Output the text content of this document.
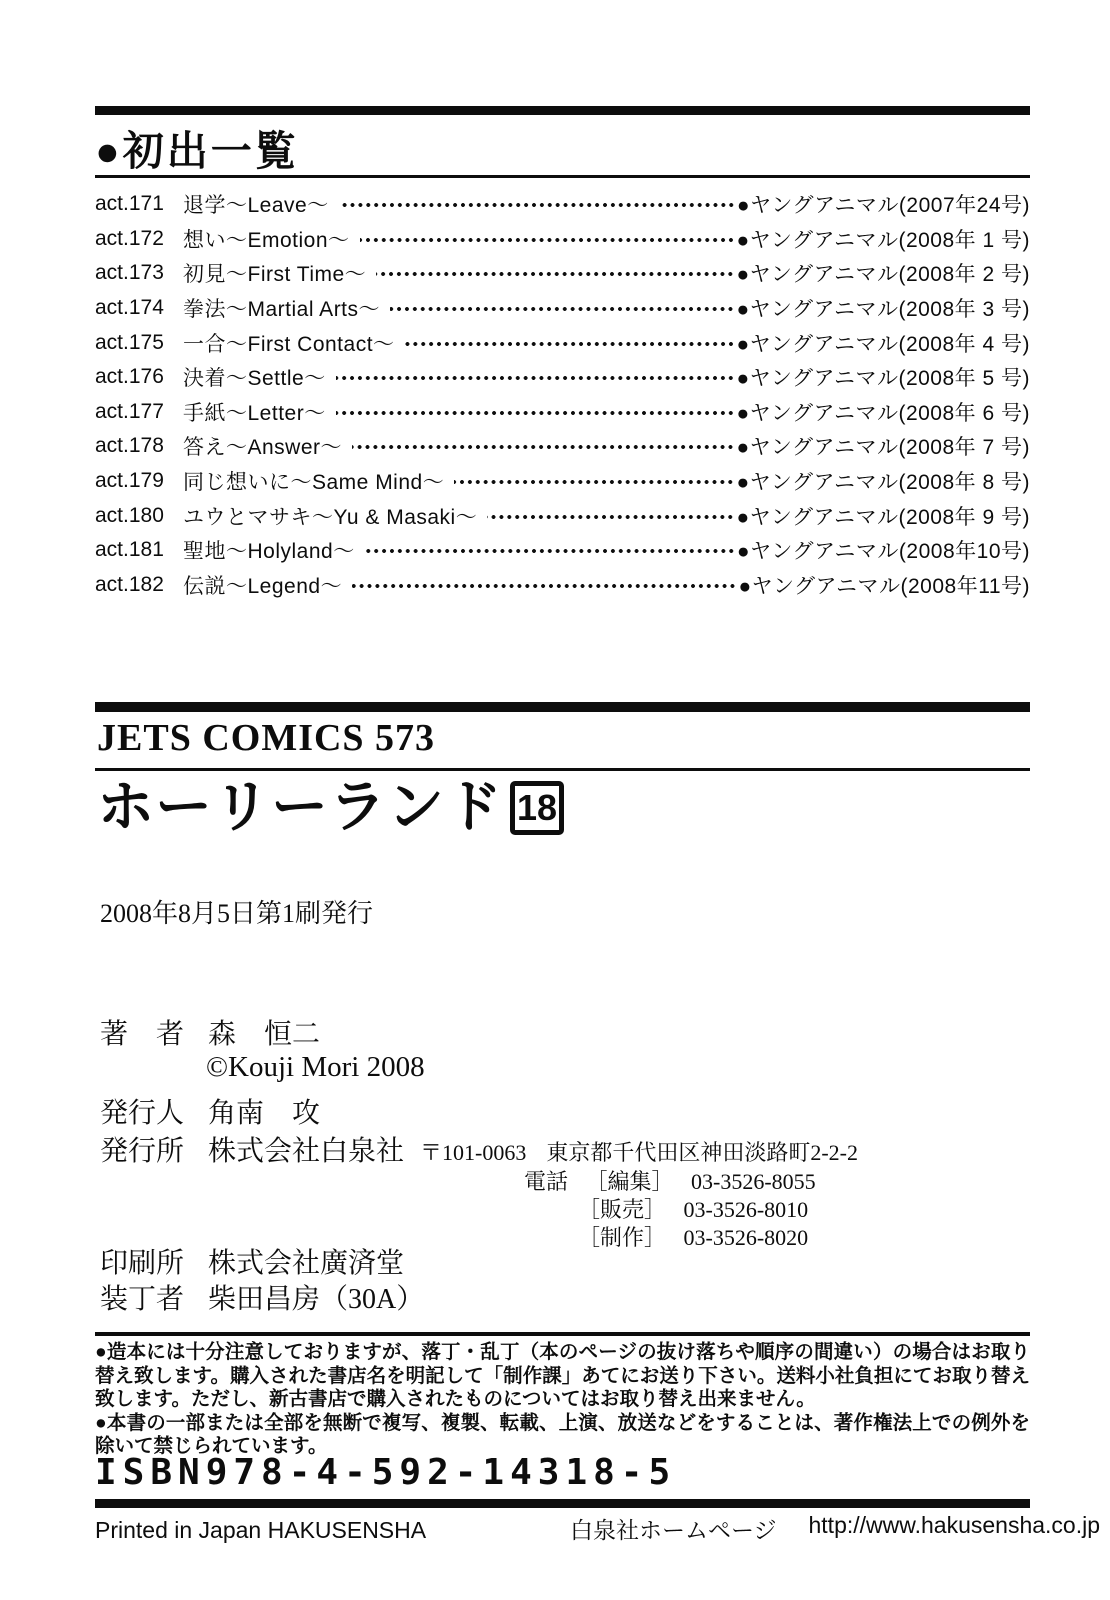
●初出一覧
act.171 退学～Leave～	●ヤングアニマル(2007年24号)
act.172 想い～Emotion～	●ヤングアニマル(2008年 1 号)
act.173 初見～First Time～	●ヤングアニマル(2008年 2 号)
act.174 拳法～Martial Arts～	●ヤングアニマル(2008年 3 号)
act.175 一合～First Contact～	●ヤングアニマル(2008年 4 号)
act.176 決着～Settle～	●ヤングアニマル(2008年 5 号)
act.177 手紙～Letter～	●ヤングアニマル(2008年 6 号)
act.178 答え～Answer～	●ヤングアニマル(2008年 7 号)
act.179 同じ想いに～Same Mind～	●ヤングアニマル(2008年 8 号)
act.180 ユウとマサキ～Yu & Masaki～	●ヤングアニマル(2008年 9 号)
act.181 聖地～Holyland～	●ヤングアニマル(2008年10号)
act.182 伝説～Legend～	●ヤングアニマル(2008年11号)
JETS COMICS 573
ホーリーランド 18
2008年8月5日第1刷発行
著　者 森　恒二
©Kouji Mori 2008
発行人 角南　攻
発行所 株式会社白泉社 〒101-0063 東京都千代田区神田淡路町2-2-2
電話 ［編集］ 03-3526-8055
［販売］ 03-3526-8010
［制作］ 03-3526-8020
印刷所 株式会社廣済堂
装丁者 柴田昌房（30A）

●造本には十分注意しておりますが、落丁・乱丁（本のページの抜け落ちや順序の間違い）の場合はお取り替え致します。購入された書店名を明記して「制作課」あてにお送り下さい。送料小社負担にてお取り替え致します。ただし、新古書店で購入されたものについてはお取り替え出来ません。

●本書の一部または全部を無断で複写、複製、転載、上演、放送などをすることは、著作権法上での例外を除いて禁じられています。

ISBN978-4-592-14318-5
Printed in Japan HAKUSENSHA	白泉社ホームページ http://www.hakusensha.co.jp
